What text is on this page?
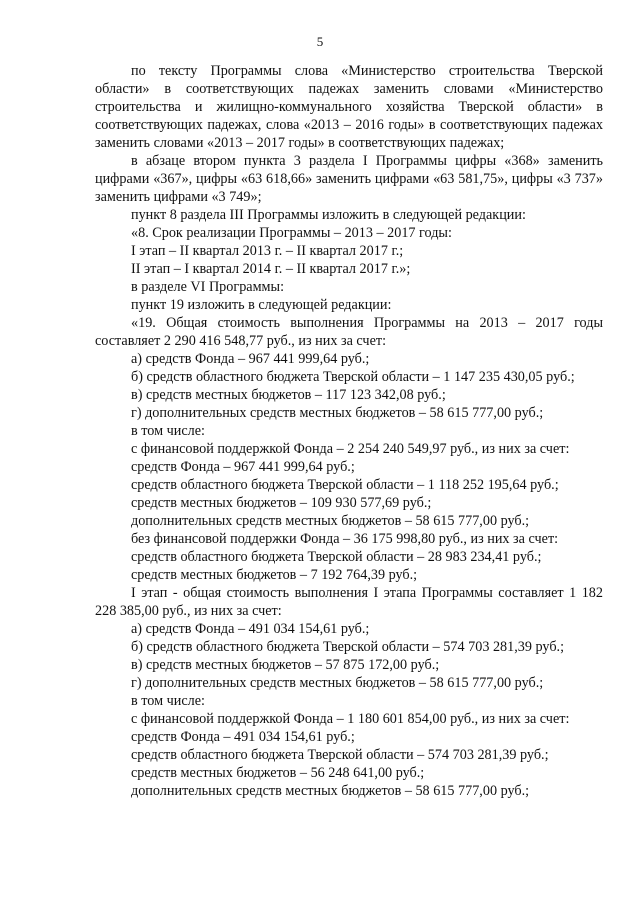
5

по тексту Программы слова «Министерство строительства Тверской области» в соответствующих падежах заменить словами «Министерство строительства и жилищно-коммунального хозяйства Тверской области» в соответствующих падежах, слова «2013 – 2016 годы» в соответствующих падежах заменить словами «2013 – 2017 годы» в соответствующих падежах;

в абзаце втором пункта 3 раздела I Программы цифры «368» заменить цифрами «367», цифры «63 618,66» заменить цифрами «63 581,75», цифры «3 737» заменить цифрами «3 749»;

пункт 8 раздела III Программы изложить в следующей редакции:

«8. Срок реализации Программы – 2013 – 2017 годы:

I этап – II квартал 2013 г. – II квартал 2017 г.;

II этап – I квартал 2014 г. – II квартал 2017 г.»;

в разделе VI Программы:

пункт 19 изложить в следующей редакции:

«19. Общая стоимость выполнения Программы на 2013 – 2017 годы составляет 2 290 416 548,77 руб., из них за счет:

а) средств Фонда – 967 441 999,64 руб.;

б) средств областного бюджета Тверской области – 1 147 235 430,05 руб.;

в) средств местных бюджетов – 117 123 342,08 руб.;

г) дополнительных средств местных бюджетов – 58 615 777,00 руб.;

в том числе:

с финансовой поддержкой Фонда – 2 254 240 549,97 руб., из них за счет:

средств Фонда – 967 441 999,64 руб.;

средств областного бюджета Тверской области – 1 118 252 195,64 руб.;

средств местных бюджетов – 109 930 577,69 руб.;

дополнительных средств местных бюджетов – 58 615 777,00 руб.;

без финансовой поддержки Фонда – 36 175 998,80 руб., из них за счет:

средств областного бюджета Тверской области – 28 983 234,41 руб.;

средств местных бюджетов – 7 192 764,39 руб.;

I этап - общая стоимость выполнения I этапа Программы составляет 1 182 228 385,00 руб., из них за счет:

а) средств Фонда – 491 034 154,61 руб.;

б) средств областного бюджета Тверской области – 574 703 281,39 руб.;

в) средств местных бюджетов – 57 875 172,00 руб.;

г) дополнительных средств местных бюджетов – 58 615 777,00 руб.;

в том числе:

с финансовой поддержкой Фонда – 1 180 601 854,00 руб., из них за счет:

средств Фонда – 491 034 154,61 руб.;

средств областного бюджета Тверской области – 574 703 281,39 руб.;

средств местных бюджетов – 56 248 641,00 руб.;

дополнительных средств местных бюджетов – 58 615 777,00 руб.;
